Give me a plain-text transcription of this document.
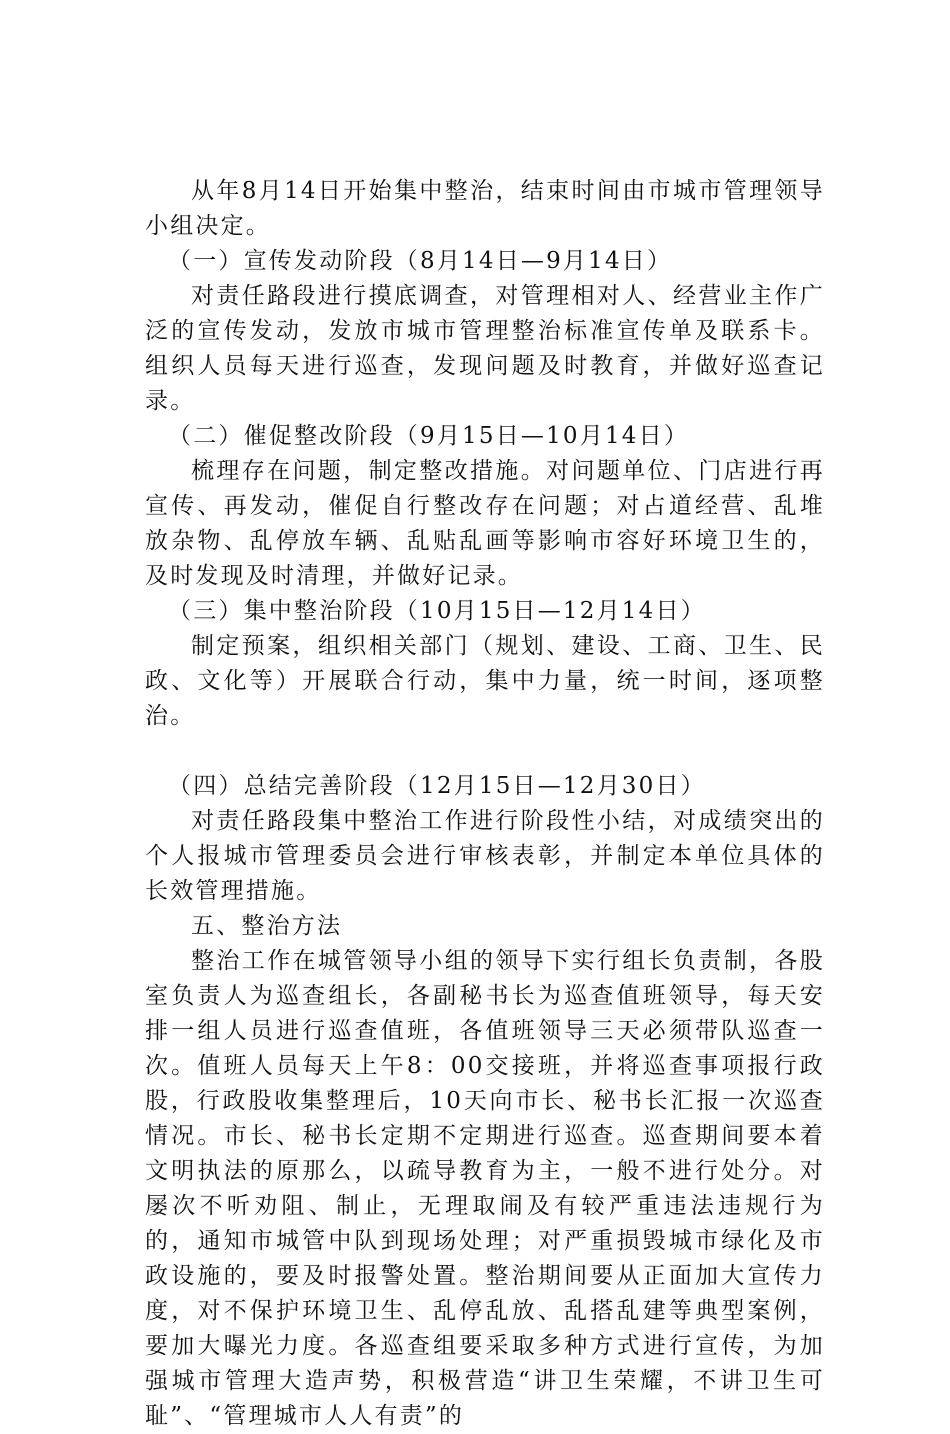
从年8月14日开始集中整治，结束时间由市城市管理领导小组决定。

（一）宣传发动阶段（8月14日—9月14日）

对责任路段进行摸底调查，对管理相对人、经营业主作广泛的宣传发动，发放市城市管理整治标准宣传单及联系卡。组织人员每天进行巡查，发现问题及时教育，并做好巡查记录。

（二）催促整改阶段（9月15日—10月14日）

梳理存在问题，制定整改措施。对问题单位、门店进行再宣传、再发动，催促自行整改存在问题；对占道经营、乱堆放杂物、乱停放车辆、乱贴乱画等影响市容好环境卫生的，及时发现及时清理，并做好记录。

（三）集中整治阶段（10月15日—12月14日）

制定预案，组织相关部门（规划、建设、工商、卫生、民政、文化等）开展联合行动，集中力量，统一时间，逐项整治。

（四）总结完善阶段（12月15日—12月30日）

对责任路段集中整治工作进行阶段性小结，对成绩突出的个人报城市管理委员会进行审核表彰，并制定本单位具体的长效管理措施。

五、整治方法

整治工作在城管领导小组的领导下实行组长负责制，各股室负责人为巡查组长，各副秘书长为巡查值班领导，每天安排一组人员进行巡查值班，各值班领导三天必须带队巡查一次。值班人员每天上午8：00交接班，并将巡查事项报行政股，行政股收集整理后，10天向市长、秘书长汇报一次巡查情况。市长、秘书长定期不定期进行巡查。巡查期间要本着文明执法的原那么，以疏导教育为主，一般不进行处分。对屡次不听劝阻、制止，无理取闹及有较严重违法违规行为的，通知市城管中队到现场处理；对严重损毁城市绿化及市政设施的，要及时报警处置。整治期间要从正面加大宣传力度，对不保护环境卫生、乱停乱放、乱搭乱建等典型案例，要加大曝光力度。各巡查组要采取多种方式进行宣传，为加强城市管理大造声势，积极营造“讲卫生荣耀，不讲卫生可耻”、“管理城市人人有责”的
